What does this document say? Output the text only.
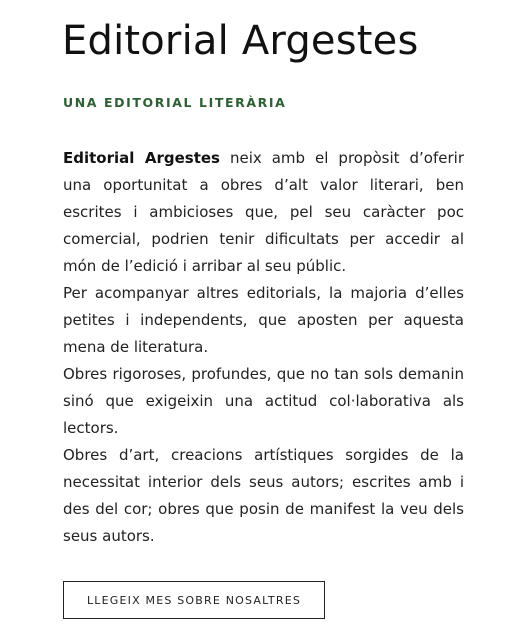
Editorial Argestes
UNA EDITORIAL LITERÀRIA

Editorial Argestes neix amb el propòsit d’oferir una oportunitat a obres d’alt valor literari, ben escrites i ambicioses que, pel seu caràcter poc comercial, podrien tenir dificultats per accedir al món de l’edició i arribar al seu públic.

Per acompanyar altres editorials, la majoria d’elles petites i independents, que aposten per aquesta mena de literatura.

Obres rigoroses, profundes, que no tan sols demanin sinó que exigeixin una actitud col·laborativa als lectors.

Obres d’art, creacions artístiques sorgides de la necessitat interior dels seus autors; escrites amb i des del cor; obres que posin de manifest la veu dels seus autors.

LLEGEIX MES SOBRE NOSALTRES
